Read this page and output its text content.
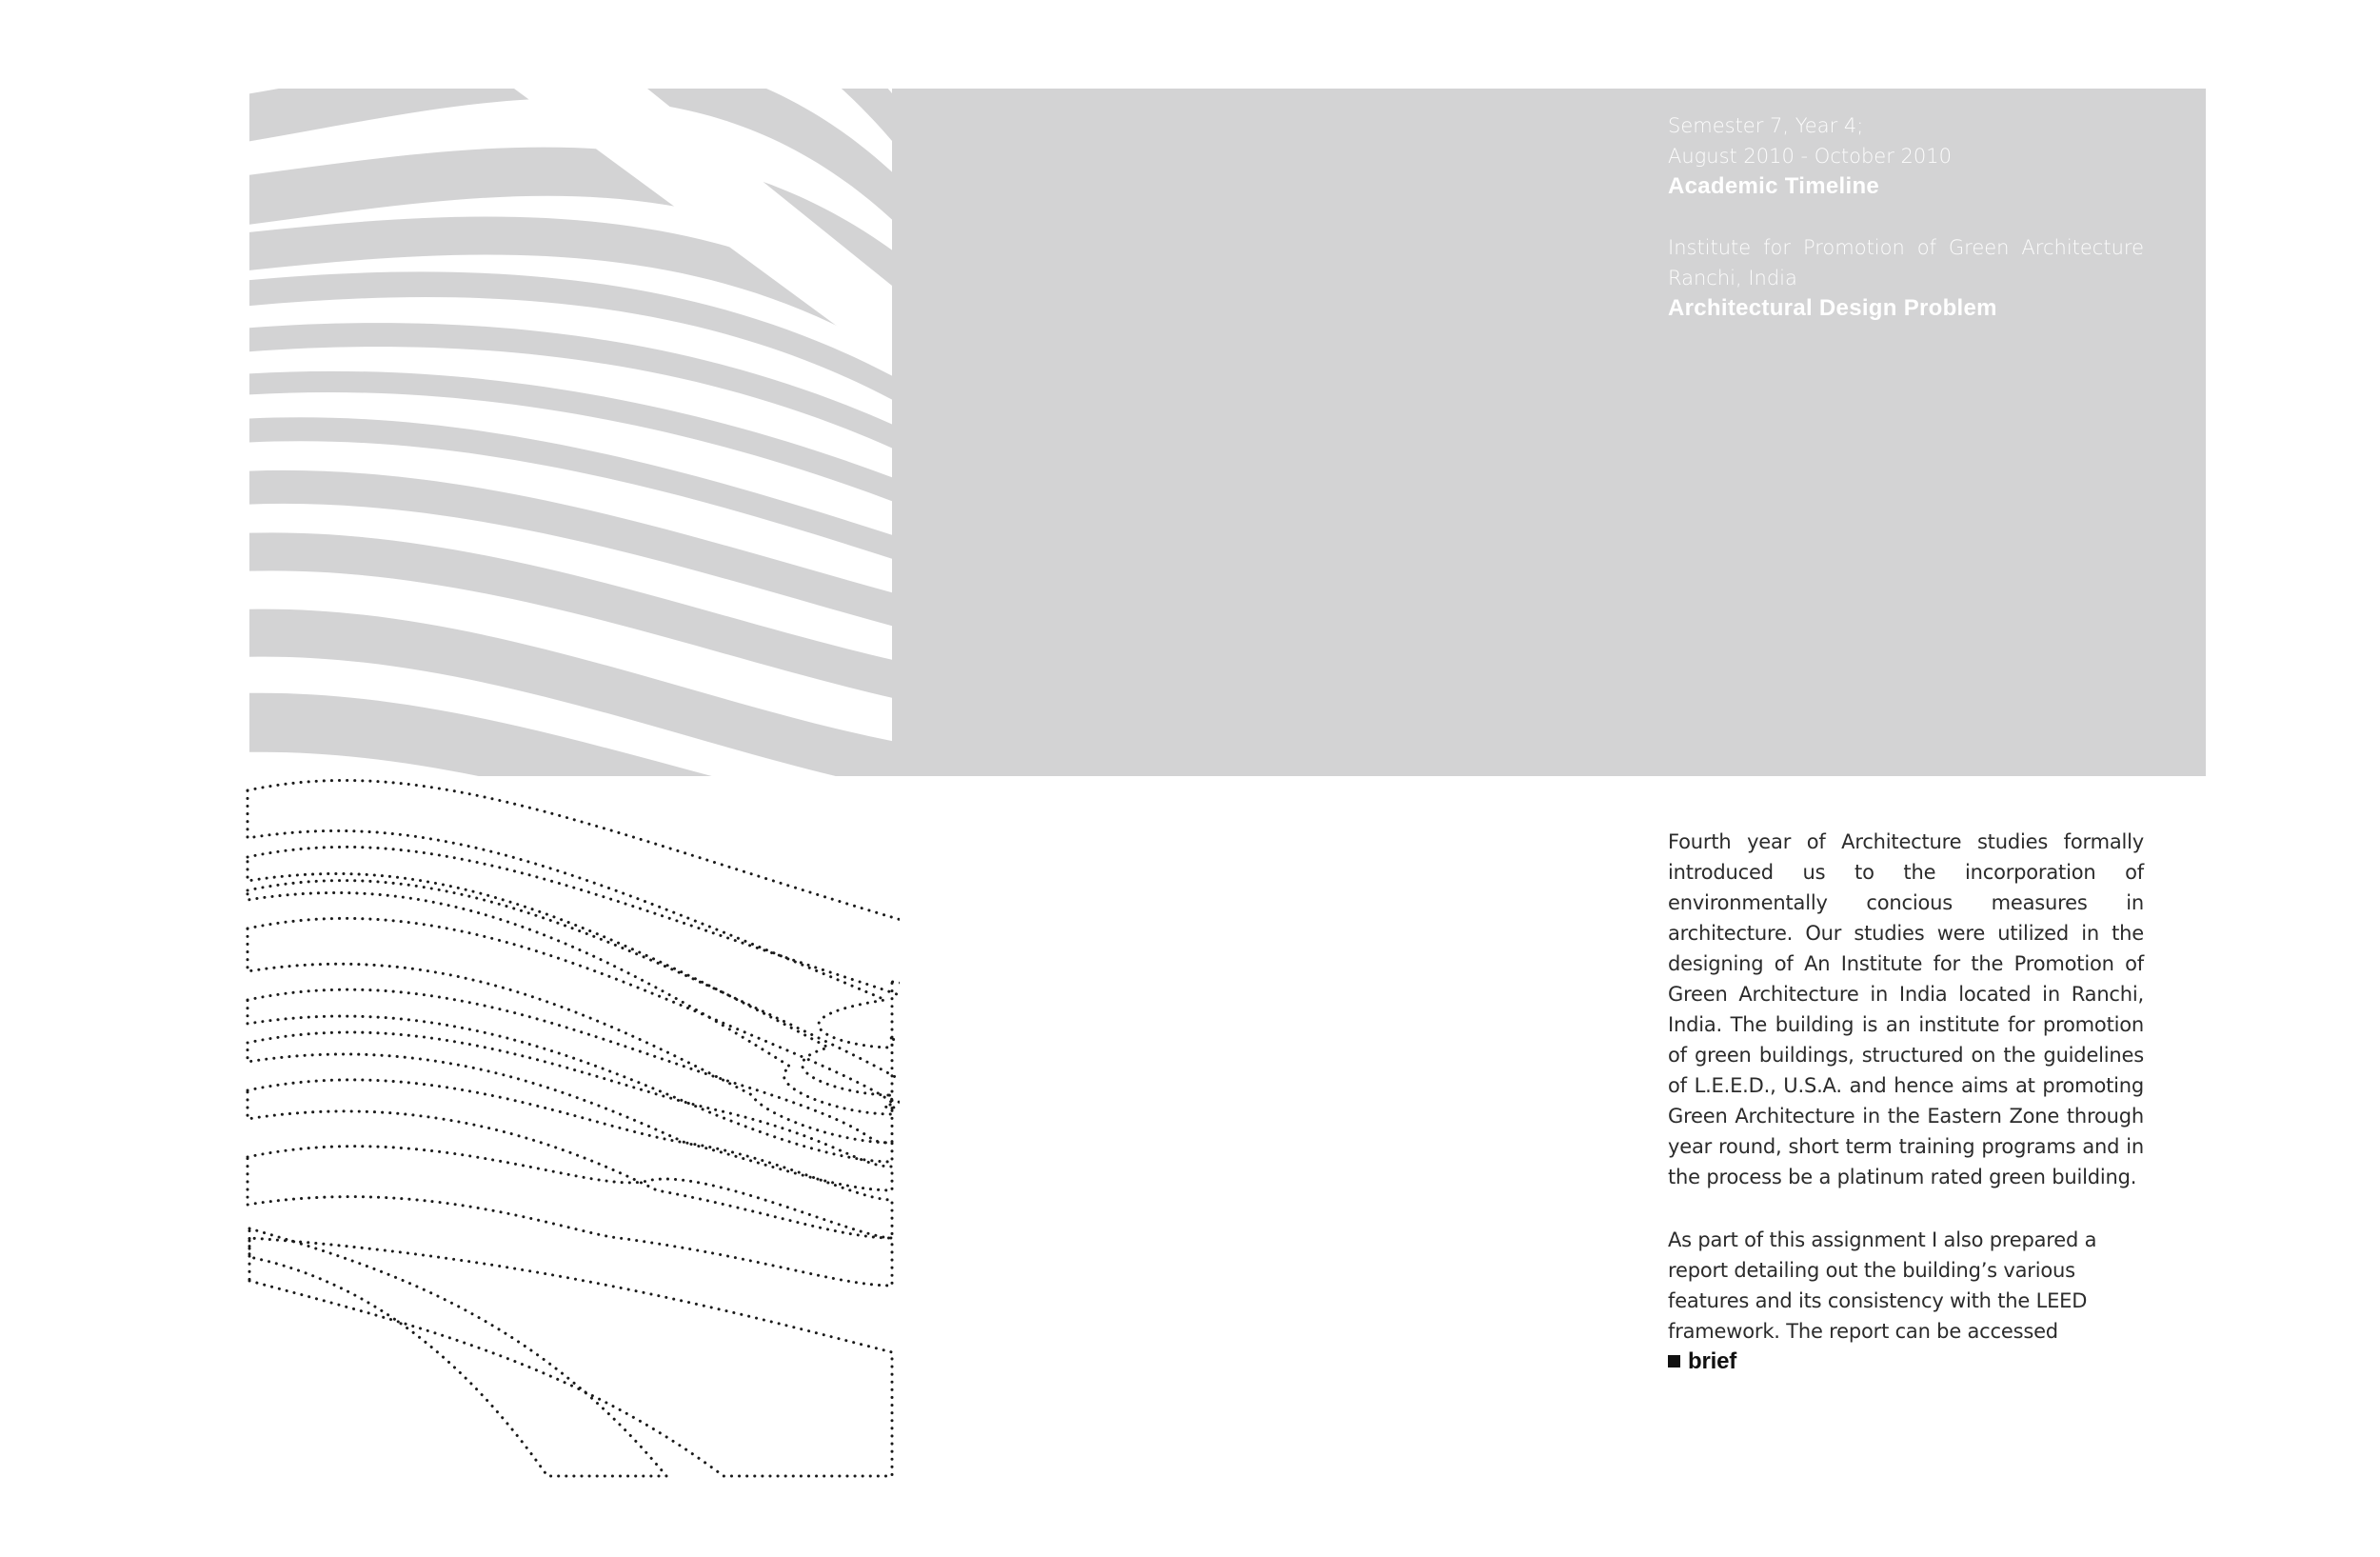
Semester 7, Year 4;
August 2010 - October 2010
Academic Timeline
Institute for Promotion of Green Architecture
Ranchi, India
Architectural Design Problem
Fourth year of Architecture studies formally introduced us to the incorporation of environmentally concious measures in architecture. Our studies were utilized in the designing of An Institute for the Promotion of Green Architecture in India located in Ranchi, India. The building is an institute for promotion of green buildings, structured on the guidelines of L.E.E.D., U.S.A. and hence aims at promoting Green Architecture in the Eastern Zone through year round, short term training programs and in the process be a platinum rated green building.
As part of this assignment I also prepared a report detailing out the building’s various features and its consistency with the LEED framework. The report can be accessed
brief
